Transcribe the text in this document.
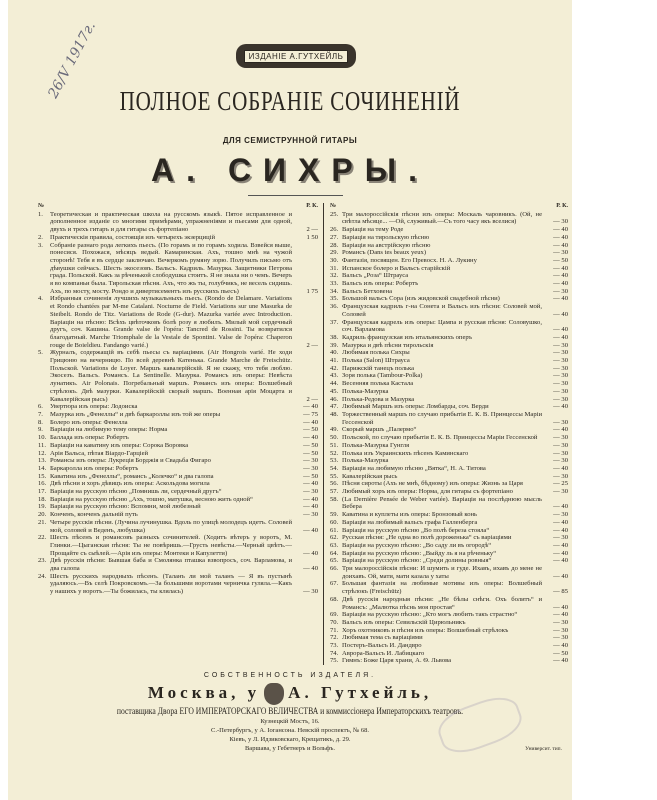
26/V 1917г.	ИЗДАНІЕ А.ГУТХЕЙЛЬ
ПОЛНОЕ СОБРАНІЕ СОЧИНЕНІЙ
ДЛЯ СЕМИСТРУННОЙ ГИТАРЫ
А. СИХРЫ.
№	Р. К.
1.	Теоретическая и практическая школа на русскомъ языкѣ. Пятое исправленное и дополненное изданіе со многими примѣрами, упражненіями и пьесами для одной, двухъ и трехъ гитаръ и для гитары съ фортепіано	2 —
2.	Практическія правила, состоящія изъ четырехъ экзерцицій	1 50
3.	Собраніе разнаго рода легкихъ пьесъ. (По горамъ и по горамъ ходила. Взвейся выше, понесися. Похожася, мѣсяцъ ведый. Камаринская. Ахъ, тошно мнѣ на чужой сторонѣ! Тебя я въ сердце заключаю. Вечеркомъ румяну зорю. Получилъ письмо отъ дѣвушки сейчасъ. Шесть экосезовъ. Вальсъ. Кадриль. Мазурка. Защитники Петрова града. Польской. Какъ за рѣченькой слободушка стоитъ. Я не знала ни о чемъ. Вечеръ я во компаньи была. Тирольская пѣсня. Ахъ, что жъ ты, голубчикъ, не весель сидишь. Ахъ, по мосту, мосту. Рондо и дивертисементъ изъ русскихъ пьесъ)	1 75
4.	Избранныя сочиненія лучшихъ музыкальныхъ пьесъ. (Rondo de Delamare. Variations et Rondo chantées par M-me Catalani. Nocturne de Field. Variations sur une Masurka de Steibelt. Rondo de Titz. Variations de Rode (G-dur). Mazurka variée avec Introduction. Варіаціи на пѣсню: Всѣхъ цвѣточковъ болѣ розу я любилъ. Милый мой сердечный другъ, соч. Кашина. Grande valse de l'opéra: Tancred de Rossini. Ты возвратился благодатный. Marche Triomphale de la Vestale de Spontini. Valse de l'opéra: Chaperon rouge de Boieldieu. Fandango varié.)	2 —
5.	Журналъ, содержащій въ себѣ пьесы съ варіаціями. (Air Hongrois varié. Не ходи Грицюню на вечерницю. По всей деревнѣ Катенька. Grande Marche de Freischütz. Польской. Variations de Loyer. Маршъ кавалерійскій. Я не скажу, что тебя люблю. Экосезъ. Вальсъ. Романсъ. La Sentinelle. Мазурка. Романсъ изъ оперы: Невѣста лунатикъ. Air Polonais. Погребальный маршъ. Романсъ изъ оперы: Волшебный стрѣлокъ. Двѣ мазурки. Кавалерійскій скорый маршъ. Военная арія Моцарта и Кавалерійская рысь)	2 —
6.	Увертюра изъ оперы: Лодоиска	— 40
7.	Мазурка изъ „Фенеллы“ и двѣ баркароллы изъ той же оперы	— 75
8.	Болеро изъ оперы: Фенелла	— 40
9.	Варіаціи на любимую тему оперы: Норма	— 50
10. Баллада изъ оперы: Робертъ	— 40
11. Варіаціи на каватину изъ оперы: Сорока Воровка	— 50
12. Арія Вальса, пѣтая Віардо-Гарціей	— 50
13. Романсы изъ оперы: Лукреція Борджія и Свадьба Фигаро	— 30
14. Баркаролла изъ оперы: Робертъ	— 30
15. Каватина изъ „Фенеллы“, романсъ „Колечко“ и два галопа	— 50
16. Двѣ пѣсни и хоръ дѣвицъ изъ оперы: Аскольдова могила	— 40
17. Варіація на русскую пѣсню „Помнишь ли, сердечный другъ“	— 30
18. Варіація на русскую пѣсню „Ахъ, тошно, матушка, весною жить одной“	— 40
19. Варіація на русскую пѣсню: Вспомни, мой любезный	— 40
20. Конченъ, конченъ дальній путь	— 30
21. Четыре русскія пѣсни. (Лучина лучинушка. Вдоль по улицѣ молодецъ идетъ. Соловей мой, соловей и Веденъ, любушка)	— 40
22. Шесть пѣсенъ и романсовъ разныхъ сочинителей. (Ходитъ вѣтеръ у воротъ, М. Глинки.—Цыганская пѣсня: Ты не повѣришь.—Грусть невѣсты.—Черный цвѣтъ.—Прощайте съ сыѣлей.—Арія изъ оперы: Монтеки и Капулетти)	— 40
23. Двѣ русскія пѣсни: Бывшая баба и Смолянка пташка взвопросъ, соч. Варламова, и два галопа	— 40
24. Шесть русскихъ народныхъ пѣсенъ. (Таланъ ли мой таланъ — Я въ пустынѣ удаляюсь.—Въ селѣ Покровскомъ.—За большими воротами черничка гуляла.—Какъ у нашихъ у воротъ.—Ты божилась, ты клялась)	— 30
№	Р. К.
25. Три малороссійскія пѣсни изъ оперы: Москаль чаровникъ. (Ой, не свѣтла мѣсяце... —Ой, служивый.—Съ того часу якъ вселися)	— 30
26. Варіація на тему Роде	— 40
27. Варіація на тирольскую пѣсню	— 40
28. Варіація на австрійскую пѣсню	— 40
29. Романсъ (Dans tes beaux yeux)	— 30
30. Фантазія, посвящен. Его Превосх. Н. А. Лукину	— 50
31. Испанское болеро и Вальсъ старійскій	— 40
32. Вальсъ „Роза“ Штрауса	— 40
33. Вальсъ изъ оперы: Робертъ	— 40
34. Вальсъ Бетховена	— 30
35. Большой вальсъ Сора (изъ жидовской свадебной пѣсни)	— 40
36. Французская кадриль г-на Сонета и Вальсъ изъ пѣсни: Соловей мой, Соловей	— 40
37. Французская кадрель изъ оперы: Цампа и русская пѣсня: Соловушко, соч. Варламова	— 40
38. Кадриль французская изъ итальянскихъ оперъ	— 40
39. Мазурка и двѣ пѣсни тирольскія	— 30
40. Любимая полька Сихры	— 30
41. Полька (Salon) Штрауса	— 30
42. Парижскій танецъ полька	— 30
43. Зоря полька (Tambour-Polka)	— 30
44. Весенняя полька Кастала	— 30
45. Полька-Мазурка	— 30
46. Полька-Редова и Мазурка	— 30
47. Любимый Маршъ изъ оперы: Ломбарды, соч. Верди	— 40
48. Торжественный маршъ по случаю прибытія Е. К. В. Принцессы Маріи Гессенской	— 30
49. Скорый маршъ „Палермо“	— 40
50. Польской, по случаю прибытія Е. К. В. Принцессы Маріи Гессенской	— 30
51. Полька-Мазурка Гунгля	— 30
52. Полька изъ Украинскихъ пѣсенъ Каминскаго	— 30
53. Полька-Мазурка	— 30
54. Варіація на любимую пѣсню „Вятка“, Н. А. Титова	— 40
55. Кавалерійская рысь	— 30
56. Пѣсня сироты (Ахъ не мнѣ, бѣдному) изъ оперы: Жизнь за Царя	— 25
57. Любимый хоръ изъ оперы: Норма, для гитары съ фортепіано	— 30
58. (La Dernière Pensée de Weber variée). Варіація на послѣднюю мысль Вебера	— 40
59. Каватина и куплеты изъ оперы: Бронзовый конь	— 30
60. Варіація на любимый вальсъ графа Галленберга	— 40
61. Варіація на русскую пѣсню „Во полѣ береза стояла“	— 40
62. Русская пѣсня: „Не одна во полѣ дороженька“ съ варіаціями	— 30
63. Варіація на русскую пѣсню: „Во саду ли въ огородѣ“	— 40
64. Варіація на русскую пѣсню: „Выйду ль я на рѣченьку“	— 40
65. Варіація на русскую пѣсню: „Среди долины ровныя“	— 40
66. Три малороссійскія пѣсни: И шумить и гуде. Ихавъ, ихавъ до мене не доихавъ. Ой, мати, мати казала у хаты	— 40
67. Большая фантазія на любимые мотивы изъ оперы: Волшебный стрѣлокъ (Freischütz)	— 85
68. Двѣ русскія народныя пѣсни: „Не бѣлы снѣги. Охъ болитъ“ и Романсъ: „Малютка пѣснь моя простая“	— 40
69. Варіація на русскую пѣсню: „Кто могъ любить такъ страстно“	— 40
70. Вальсъ изъ оперы: Севильскій Цирюльникъ	— 30
71. Хоръ охотниковъ и пѣсня изъ оперы: Волшебный стрѣлокъ	— 30
72. Любимая тема съ варіаціями	— 30
73. Постеръ-Вальсъ И. Дандвро	— 40
74. Аврора-Вальсъ И. Лабицкаго	— 50
75. Гимнъ: Боже Царя храни, А. Ѳ. Львова	— 40
СОБСТВЕННОСТЬ ИЗДАТЕЛЯ.
Москва, у А. Гутхейль,
поставщика Двора ЕГО ИМПЕРАТОРСКАГО ВЕЛИЧЕСТВА и коммиссіонера Императорскихъ театровъ.
Кузнецкій Мостъ, 16.
С.-Петербургъ, у А. Іогансона. Невскій проспектъ, № 68.
Кіевъ, у Л. Идзиковскаго, Крещатикъ, д. 29.
Варшава, у Гебетнеръ и Вольфъ.	Университ. тип.
